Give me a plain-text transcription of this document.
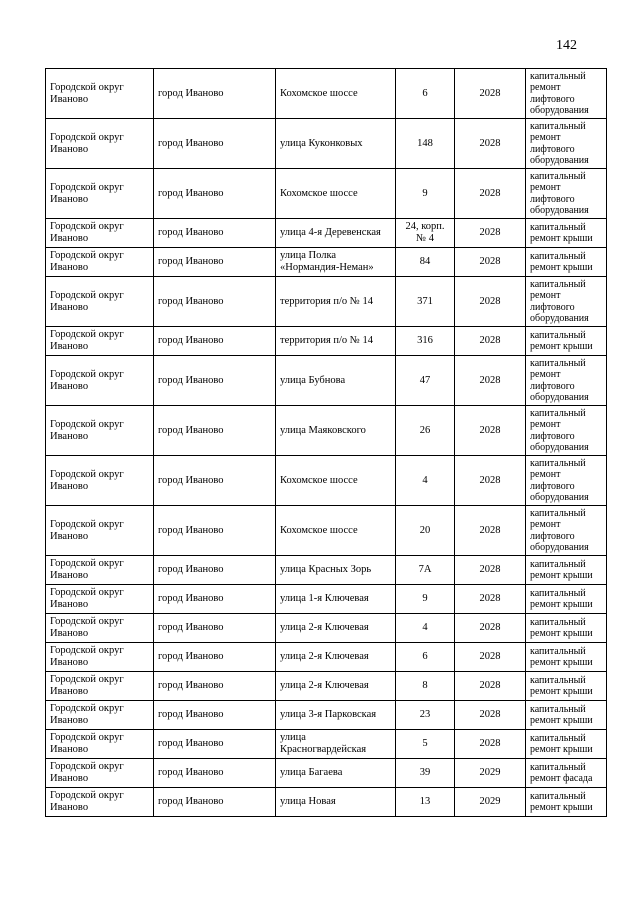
142
Городской округ Иваново	город Иваново	Кохомское шоссе	6	2028	капитальный ремонт лифтового оборудования
Городской округ Иваново	город Иваново	улица Куконковых	148	2028	капитальный ремонт лифтового оборудования
Городской округ Иваново	город Иваново	Кохомское шоссе	9	2028	капитальный ремонт лифтового оборудования
Городской округ Иваново	город Иваново	улица 4-я Деревенская	24, корп. № 4	2028	капитальный ремонт крыши
Городской округ Иваново	город Иваново	улица Полка «Нормандия-Неман»	84	2028	капитальный ремонт крыши
Городской округ Иваново	город Иваново	территория п/о № 14	371	2028	капитальный ремонт лифтового оборудования
Городской округ Иваново	город Иваново	территория п/о № 14	316	2028	капитальный ремонт крыши
Городской округ Иваново	город Иваново	улица Бубнова	47	2028	капитальный ремонт лифтового оборудования
Городской округ Иваново	город Иваново	улица Маяковского	26	2028	капитальный ремонт лифтового оборудования
Городской округ Иваново	город Иваново	Кохомское шоссе	4	2028	капитальный ремонт лифтового оборудования
Городской округ Иваново	город Иваново	Кохомское шоссе	20	2028	капитальный ремонт лифтового оборудования
Городской округ Иваново	город Иваново	улица Красных Зорь	7А	2028	капитальный ремонт крыши
Городской округ Иваново	город Иваново	улица 1-я Ключевая	9	2028	капитальный ремонт крыши
Городской округ Иваново	город Иваново	улица 2-я Ключевая	4	2028	капитальный ремонт крыши
Городской округ Иваново	город Иваново	улица 2-я Ключевая	6	2028	капитальный ремонт крыши
Городской округ Иваново	город Иваново	улица 2-я Ключевая	8	2028	капитальный ремонт крыши
Городской округ Иваново	город Иваново	улица 3-я Парковская	23	2028	капитальный ремонт крыши
Городской округ Иваново	город Иваново	улица Красногвардейская	5	2028	капитальный ремонт крыши
Городской округ Иваново	город Иваново	улица Багаева	39	2029	капитальный ремонт фасада
Городской округ Иваново	город Иваново	улица Новая	13	2029	капитальный ремонт крыши
